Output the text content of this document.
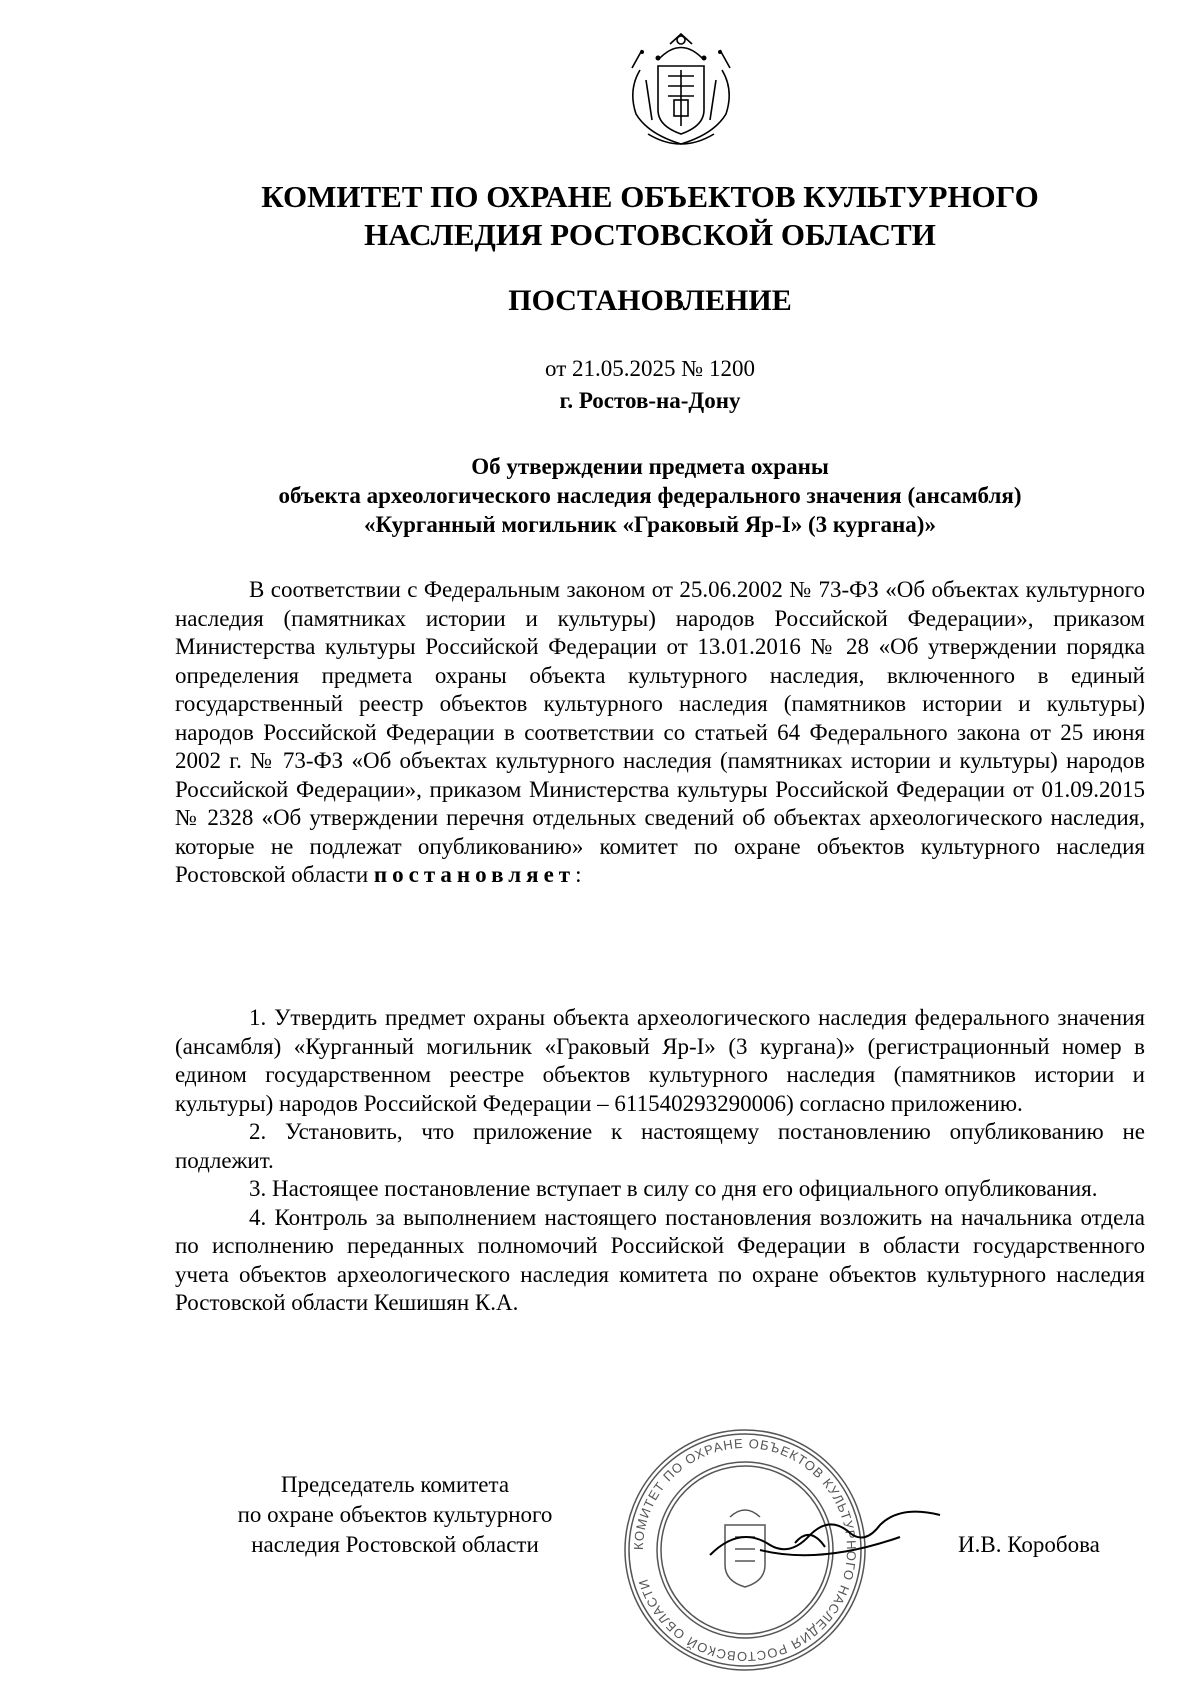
КОМИТЕТ ПО ОХРАНЕ ОБЪЕКТОВ КУЛЬТУРНОГО
НАСЛЕДИЯ РОСТОВСКОЙ ОБЛАСТИ
ПОСТАНОВЛЕНИЕ
от 21.05.2025 № 1200
г. Ростов-на-Дону
Об утверждении предмета охраны
объекта археологического наследия федерального значения (ансамбля)
«Курганный могильник «Граковый Яр-I» (3 кургана)»

В соответствии с Федеральным законом от 25.06.2002 № 73-ФЗ «Об объектах культурного наследия (памятниках истории и культуры) народов Российской Федерации», приказом Министерства культуры Российской Федерации от 13.01.2016 № 28 «Об утверждении порядка определения предмета охраны объекта культурного наследия, включенного в единый государственный реестр объектов культурного наследия (памятников истории и культуры) народов Российской Федерации в соответствии со статьей 64 Федерального закона от 25 июня 2002 г. № 73-ФЗ «Об объектах культурного наследия (памятниках истории и культуры) народов Российской Федерации», приказом Министерства культуры Российской Федерации от 01.09.2015 № 2328 «Об утверждении перечня отдельных сведений об объектах археологического наследия, которые не подлежат опубликованию» комитет по охране объектов культурного наследия Ростовской области постановляет:

1. Утвердить предмет охраны объекта археологического наследия федерального значения (ансамбля) «Курганный могильник «Граковый Яр-I» (3 кургана)» (регистрационный номер в едином государственном реестре объектов культурного наследия (памятников истории и культуры) народов Российской Федерации – 611540293290006) согласно приложению.

2. Установить, что приложение к настоящему постановлению опубликованию не подлежит.

3. Настоящее постановление вступает в силу со дня его официального опубликования.

4. Контроль за выполнением настоящего постановления возложить на начальника отдела по исполнению переданных полномочий Российской Федерации в области государственного учета объектов археологического наследия комитета по охране объектов культурного наследия Ростовской области Кешишян К.А.

Председатель комитета
по охране объектов культурного
наследия Ростовской области	КОМИТЕТ ПО ОХРАНЕ ОБЪЕКТОВ КУЛЬТУРНОГО НАСЛЕДИЯ РОСТОВСКОЙ ОБЛАСТИ
И.В. Коробова
